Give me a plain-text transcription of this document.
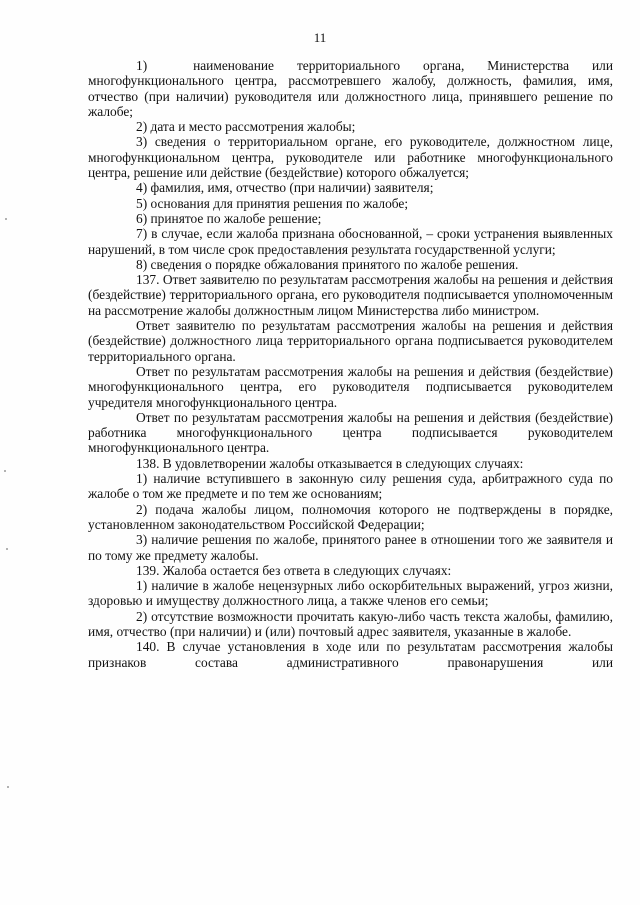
11

1)  наименование территориального органа, Министерства или многофункционального центра, рассмотревшего жалобу, должность, фамилия, имя, отчество (при наличии) руководителя или должностного лица, принявшего решение по жалобе;

2) дата и место рассмотрения жалобы;

3) сведения о территориальном органе, его руководителе, должностном лице, многофункциональном центра, руководителе или работнике многофункционального центра, решение или действие (бездействие) которого обжалуется;

4) фамилия, имя, отчество (при наличии) заявителя;

5) основания для принятия решения по жалобе;

6) принятое по жалобе решение;

7) в случае, если жалоба признана обоснованной, – сроки устранения выявленных нарушений, в том числе срок предоставления результата государственной услуги;

8) сведения о порядке обжалования принятого по жалобе решения.

137. Ответ заявителю по результатам рассмотрения жалобы на решения и действия (бездействие) территориального органа, его руководителя подписывается уполномоченным на рассмотрение жалобы должностным лицом Министерства либо министром.

Ответ заявителю по результатам рассмотрения жалобы на решения и действия (бездействие) должностного лица территориального органа подписывается руководителем территориального органа.

Ответ по результатам рассмотрения жалобы на решения и действия (бездействие) многофункционального центра, его руководителя подписывается руководителем учредителя многофункционального центра.

Ответ по результатам рассмотрения жалобы на решения и действия (бездействие) работника многофункционального центра подписывается руководителем многофункционального центра.

138. В удовлетворении жалобы отказывается в следующих случаях:

1) наличие вступившего в законную силу решения суда, арбитражного суда по жалобе о том же предмете и по тем же основаниям;

2) подача жалобы лицом, полномочия которого не подтверждены в порядке, установленном законодательством Российской Федерации;

3) наличие решения по жалобе, принятого ранее в отношении того же заявителя и по тому же предмету жалобы.

139. Жалоба остается без ответа в следующих случаях:

1) наличие в жалобе нецензурных либо оскорбительных выражений, угроз жизни, здоровью и имуществу должностного лица, а также членов его семьи;

2) отсутствие возможности прочитать какую-либо часть текста жалобы, фамилию, имя, отчество (при наличии) и (или) почтовый адрес заявителя, указанные в жалобе.

140. В случае установления в ходе или по результатам рассмотрения жалобы признаков состава административного правонарушения или
